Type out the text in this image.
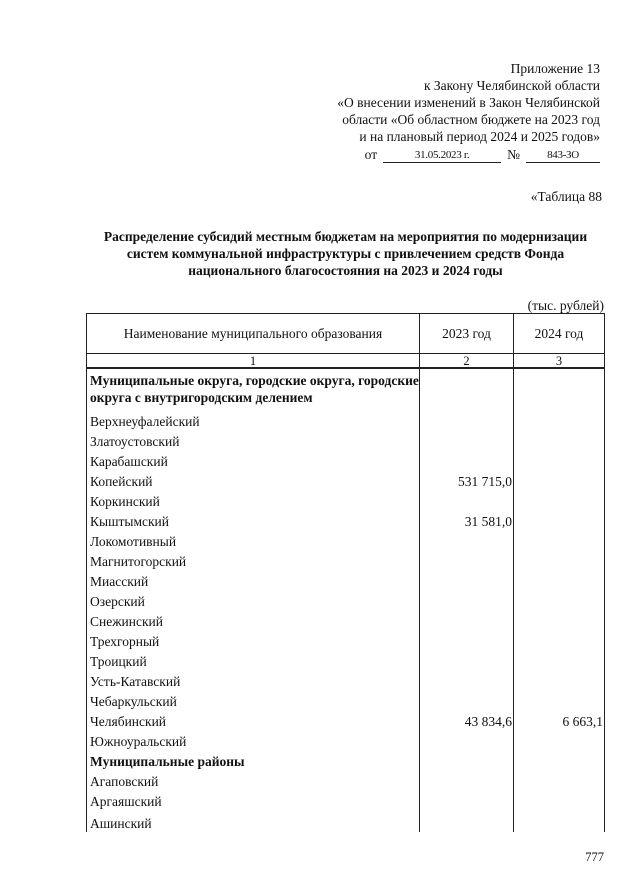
Приложение 13
к Закону Челябинской области
«О внесении изменений в Закон Челябинской
области «Об областном бюджете на 2023 год
и на плановый период 2024 и 2025 годов»
от	31.05.2023 г.	№	843-ЗО
«Таблица 88
Распределение субсидий местным бюджетам на мероприятия по модернизации систем коммунальной инфраструктуры с привлечением средств Фонда национального благосостояния на 2023 и 2024 годы
(тыс. рублей)
Наименование муниципального образования	2023 год	2024 год
1	2	3
Муниципальные округа, городские округа, городские округа с внутригородским делением		
Верхнеуфалейский		
Златоустовский		
Карабашский		
Копейский	531 715,0	
Коркинский		
Кыштымский	31 581,0	
Локомотивный		
Магнитогорский		
Миасский		
Озерский		
Снежинский		
Трехгорный		
Троицкий		
Усть-Катавский		
Чебаркульский		
Челябинский	43 834,6	6 663,1
Южноуральский		
Муниципальные районы		
Агаповский		
Аргаяшский		
Ашинский		
777
